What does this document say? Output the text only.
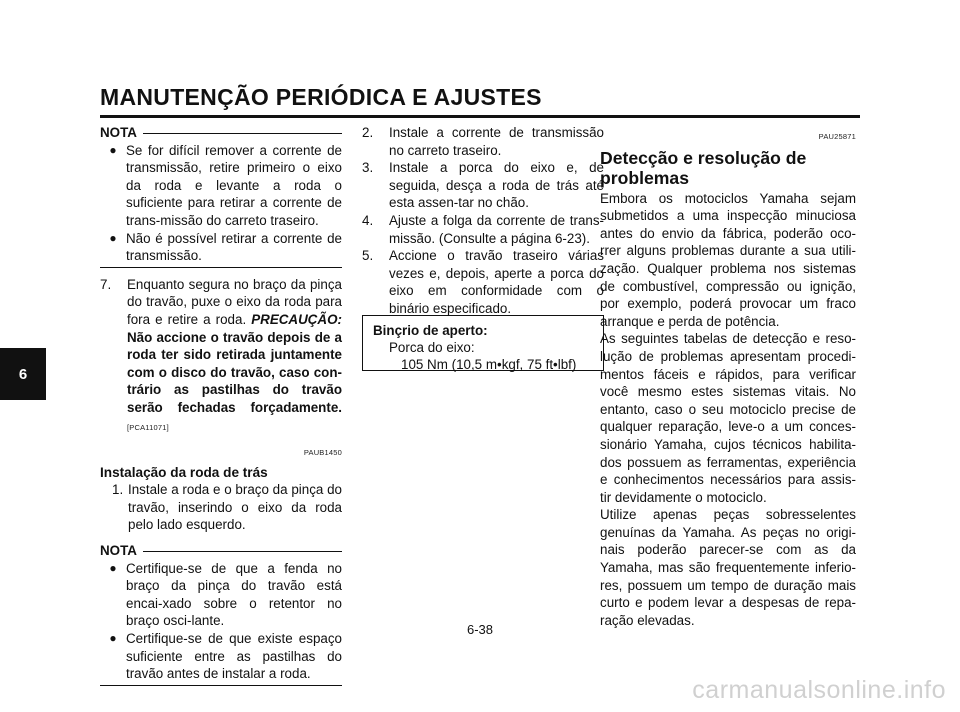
MANUTENÇÃO PERIÓDICA E AJUSTES
6
NOTA
● Se for difícil remover a corrente de transmissão, retire primeiro o eixo da roda e levante a roda o suficiente para retirar a corrente de trans-missão do carreto traseiro.
● Não é possível retirar a corrente de transmissão.
7.	Enquanto segura no braço da pinça do travão, puxe o eixo da roda para fora e retire a roda. PRECAUÇÃO: Não accione o travão depois de a roda ter sido retirada juntamente com o disco do travão, caso con-trário as pastilhas do travão serão fechadas forçadamente. [PCA11071]
PAUB1450
Instalação da roda de trás
1. Instale a roda e o braço da pinça do travão, inserindo o eixo da roda pelo lado esquerdo.
NOTA
● Certifique-se de que a fenda no braço da pinça do travão está encai-xado sobre o retentor no braço osci-lante.
● Certifique-se de que existe espaço suficiente entre as pastilhas do travão antes de instalar a roda.
2.	Instale a corrente de transmissão no carreto traseiro.
3.	Instale a porca do eixo e, de seguida, desça a roda de trás até esta assen-tar no chão.
4.	Ajuste a folga da corrente de trans-missão. (Consulte a página 6-23).
5.	Accione o travão traseiro várias vezes e, depois, aperte a porca do eixo em conformidade com o binário especificado.
Binçrio de aperto:
Porca do eixo:
105 Nm (10,5 m•kgf, 75 ft•lbf)
PAU25871
Detecção e resolução de problemas
Embora os motociclos Yamaha sejam submetidos a uma inspecção minuciosa antes do envio da fábrica, poderão oco-rrer alguns problemas durante a sua utili-zação. Qualquer problema nos sistemas de combustível, compressão ou ignição, por exemplo, poderá provocar um fraco arranque e perda de potência.
As seguintes tabelas de detecção e reso-lução de problemas apresentam procedi-mentos fáceis e rápidos, para verificar você mesmo estes sistemas vitais. No entanto, caso o seu motociclo precise de qualquer reparação, leve-o a um conces-sionário Yamaha, cujos técnicos habilita-dos possuem as ferramentas, experiência e conhecimentos necessários para assis-tir devidamente o motociclo.
Utilize apenas peças sobresselentes genuínas da Yamaha. As peças no origi-nais poderão parecer-se com as da Yamaha, mas são frequentemente inferio-res, possuem um tempo de duração mais curto e podem levar a despesas de repa-ração elevadas.
6-38
carmanualsonline.info
